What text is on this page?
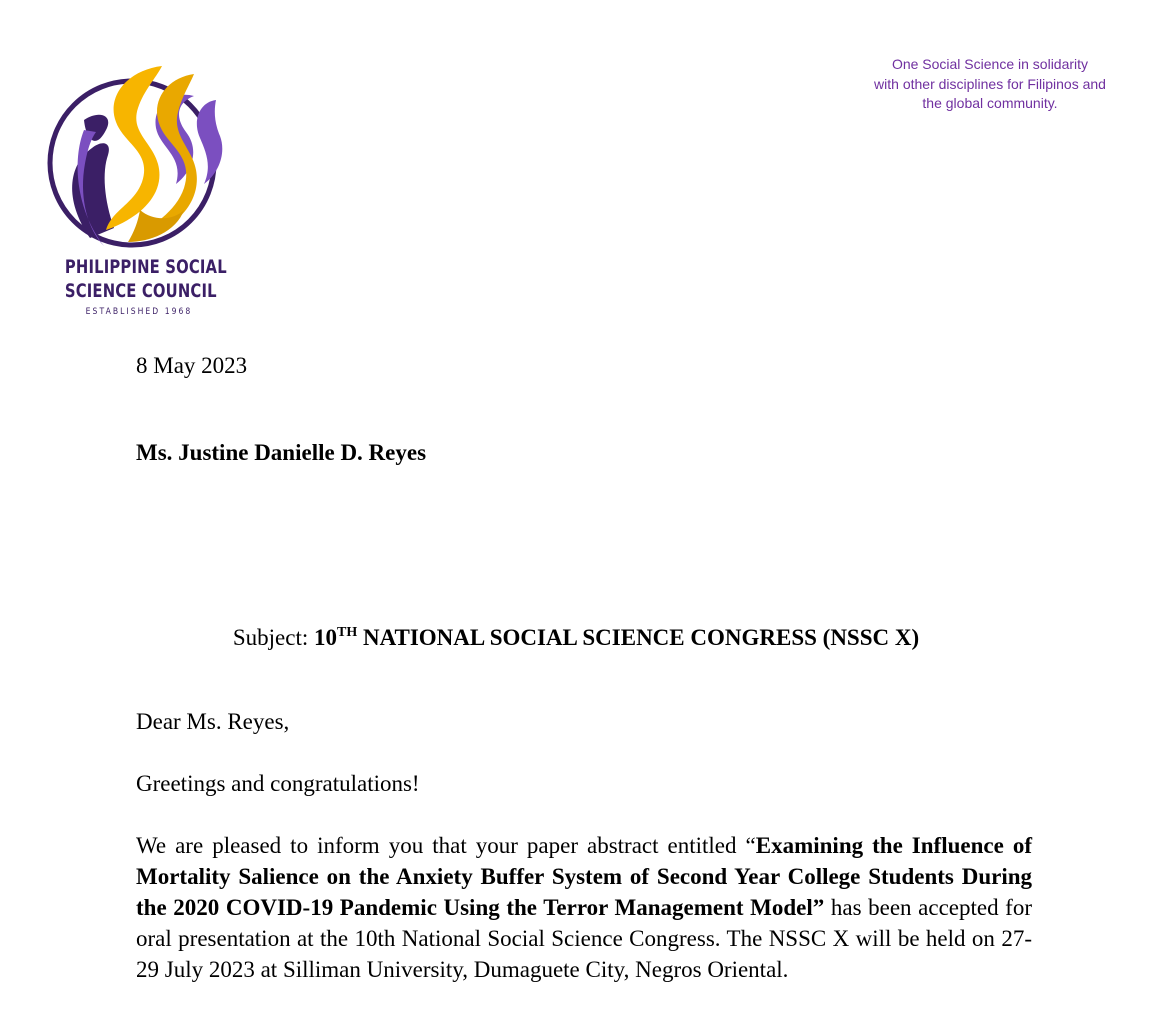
PHILIPPINE SOCIAL
SCIENCE COUNCIL
ESTABLISHED 1968
One Social Science in solidarity
with other disciplines for Filipinos and
the global community.
8 May 2023
Ms. Justine Danielle D. Reyes
Subject: 10TH NATIONAL SOCIAL SCIENCE CONGRESS (NSSC X)
Dear Ms. Reyes,
Greetings and congratulations!
We are pleased to inform you that your paper abstract entitled “Examining the Influence of Mortality Salience on the Anxiety Buffer System of Second Year College Students During the 2020 COVID-19 Pandemic Using the Terror Management Model” has been accepted for oral presentation at the 10th National Social Science Congress. The NSSC X will be held on 27-29 July 2023 at Silliman University, Dumaguete City, Negros Oriental.
